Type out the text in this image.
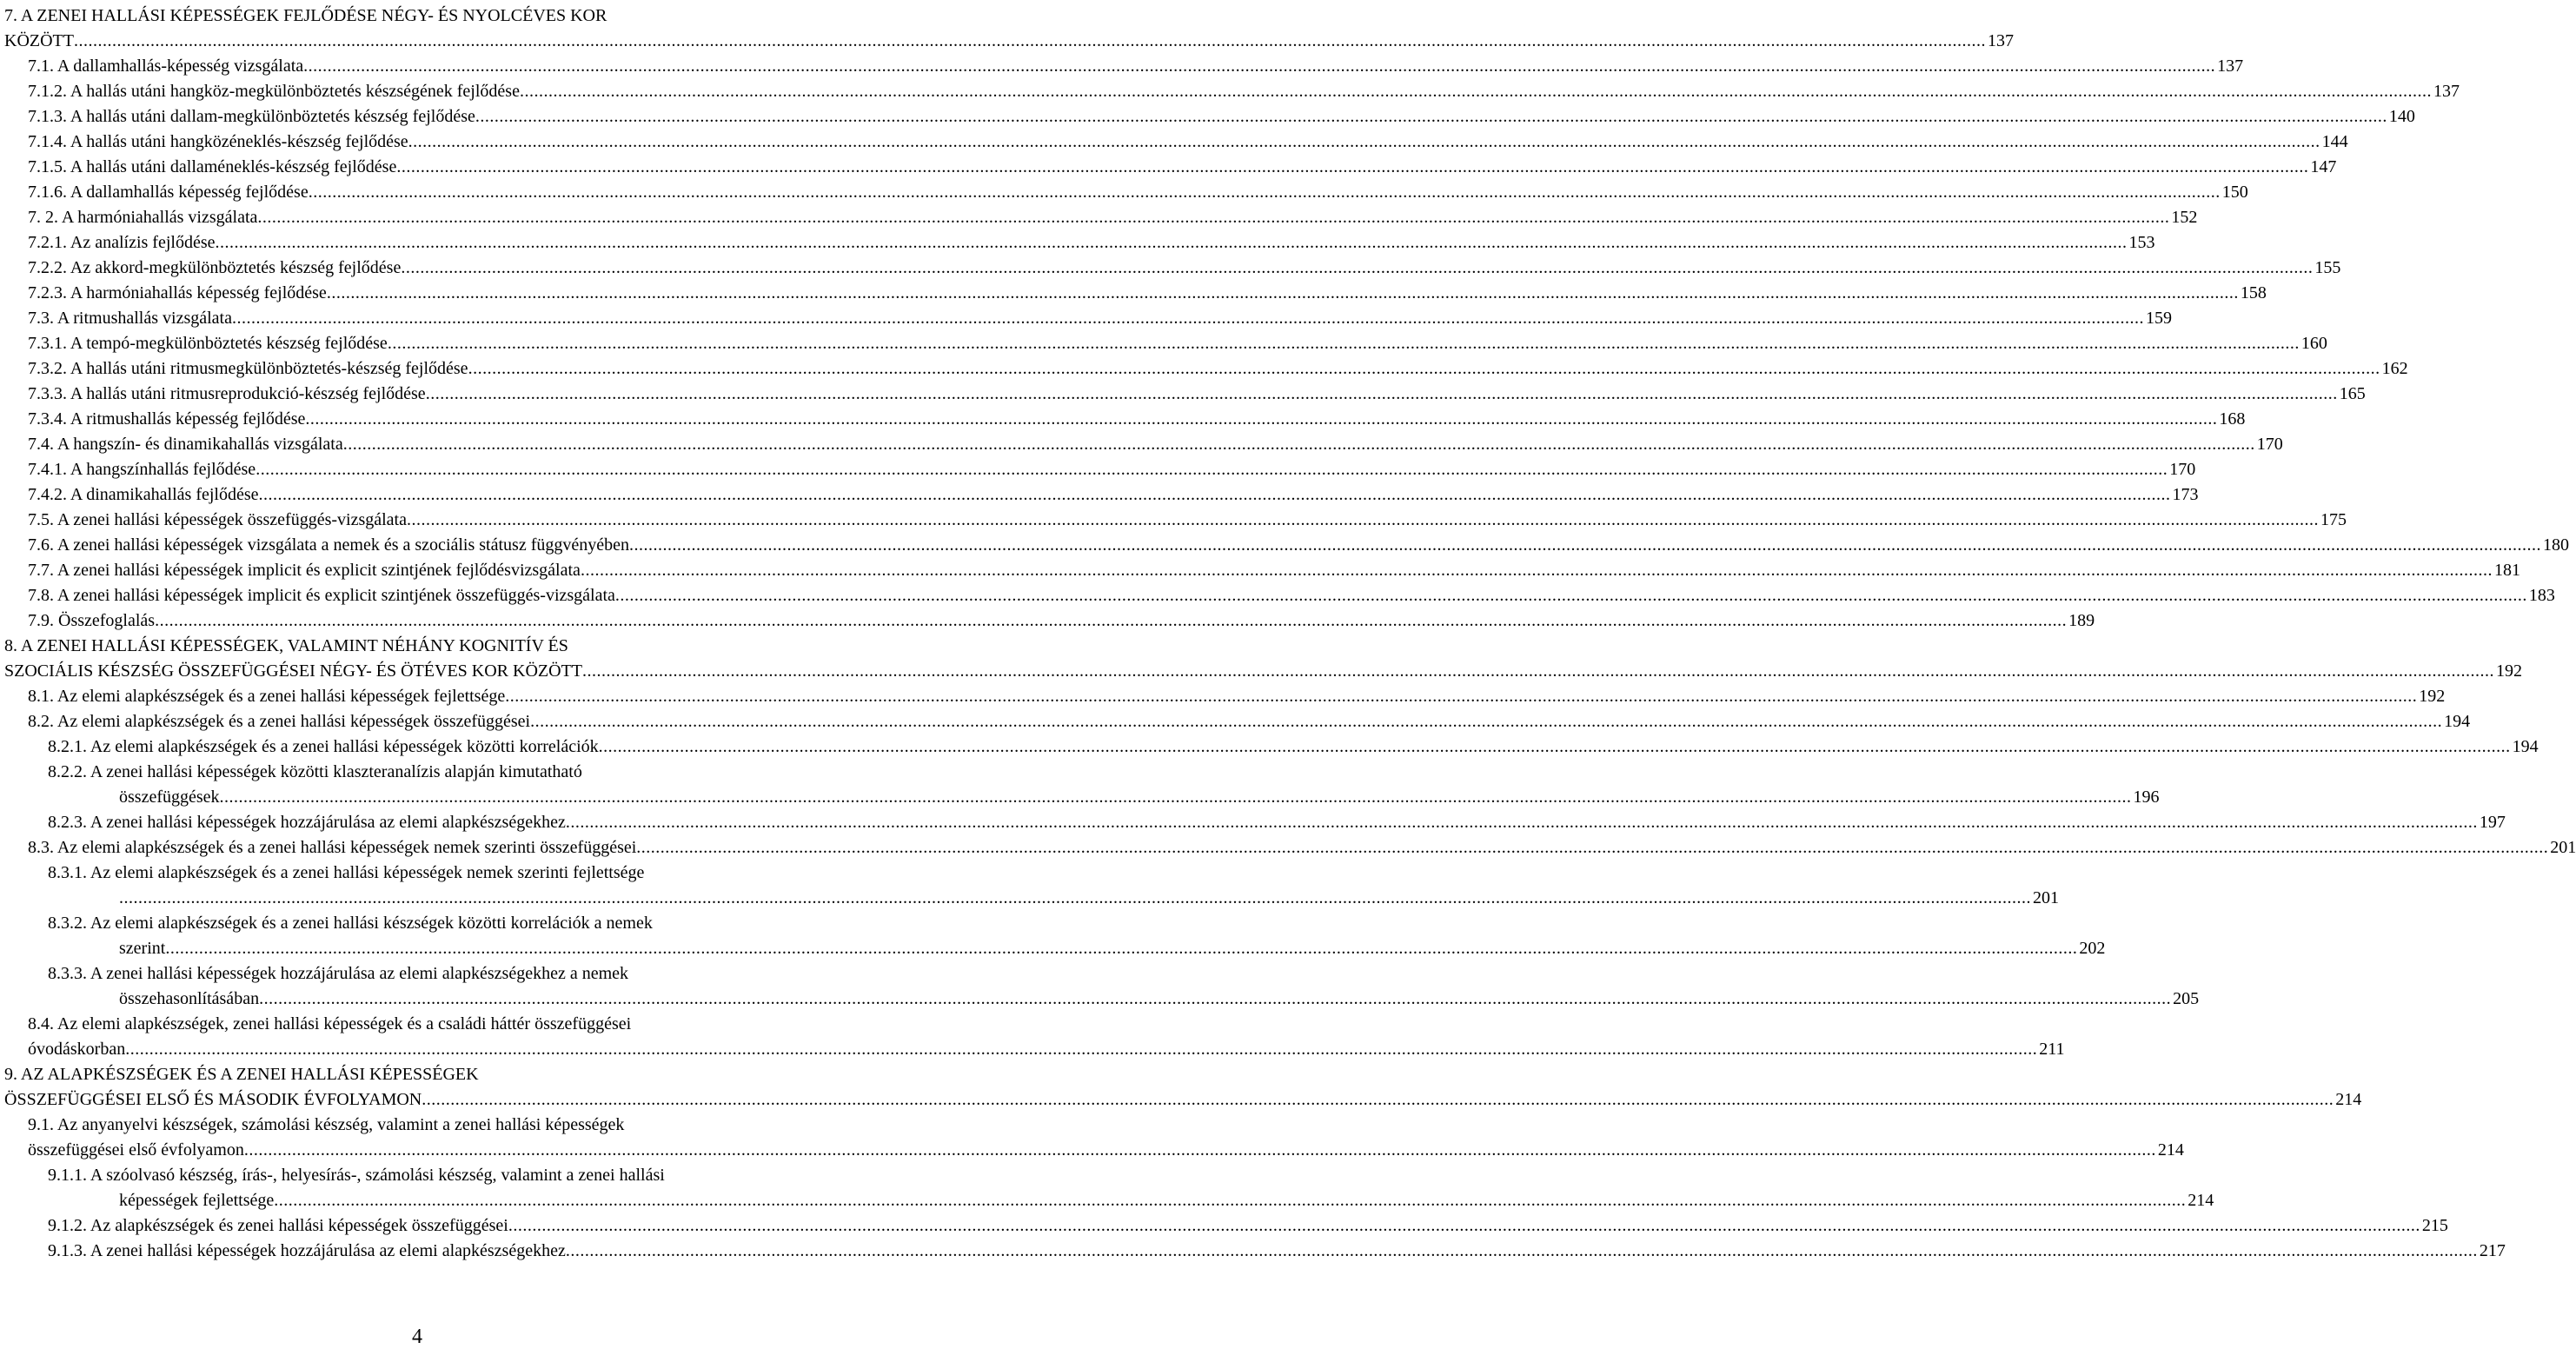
7. A ZENEI HALLÁSI KÉPESSÉGEK FEJLŐDÉSE NÉGY- ÉS NYOLCÉVES KOR
KÖZÖTT ................................................................................................................................................................................................................................................................................................................................................................................................................ 137
7.1. A dallamhallás-képesség vizsgálata ................................................................................................................................................................................................................................................................................................................................................................................................................ 137
7.1.2. A hallás utáni hangköz-megkülönböztetés készségének fejlődése ................................................................................................................................................................................................................................................................................................................................................................................................................ 137
7.1.3. A hallás utáni dallam-megkülönböztetés készség fejlődése ................................................................................................................................................................................................................................................................................................................................................................................................................ 140
7.1.4. A hallás utáni hangközéneklés-készség fejlődése ................................................................................................................................................................................................................................................................................................................................................................................................................ 144
7.1.5. A hallás utáni dallaméneklés-készség fejlődése ................................................................................................................................................................................................................................................................................................................................................................................................................ 147
7.1.6. A dallamhallás képesség fejlődése ................................................................................................................................................................................................................................................................................................................................................................................................................ 150
7. 2. A harmóniahallás vizsgálata ................................................................................................................................................................................................................................................................................................................................................................................................................ 152
7.2.1. Az analízis fejlődése ................................................................................................................................................................................................................................................................................................................................................................................................................ 153
7.2.2. Az akkord-megkülönböztetés készség fejlődése ................................................................................................................................................................................................................................................................................................................................................................................................................ 155
7.2.3. A harmóniahallás képesség fejlődése ................................................................................................................................................................................................................................................................................................................................................................................................................ 158
7.3. A ritmushallás vizsgálata ................................................................................................................................................................................................................................................................................................................................................................................................................ 159
7.3.1. A tempó-megkülönböztetés készség fejlődése ................................................................................................................................................................................................................................................................................................................................................................................................................ 160
7.3.2. A hallás utáni ritmusmegkülönböztetés-készség fejlődése ................................................................................................................................................................................................................................................................................................................................................................................................................ 162
7.3.3. A hallás utáni ritmusreprodukció-készség fejlődése ................................................................................................................................................................................................................................................................................................................................................................................................................ 165
7.3.4. A ritmushallás képesség fejlődése ................................................................................................................................................................................................................................................................................................................................................................................................................ 168
7.4. A hangszín- és dinamikahallás vizsgálata ................................................................................................................................................................................................................................................................................................................................................................................................................ 170
7.4.1. A hangszínhallás fejlődése ................................................................................................................................................................................................................................................................................................................................................................................................................ 170
7.4.2. A dinamikahallás fejlődése ................................................................................................................................................................................................................................................................................................................................................................................................................ 173
7.5. A zenei hallási képességek összefüggés-vizsgálata ................................................................................................................................................................................................................................................................................................................................................................................................................ 175
7.6. A zenei hallási képességek vizsgálata a nemek és a szociális státusz függvényében ................................................................................................................................................................................................................................................................................................................................................................................................................ 180
7.7. A zenei hallási képességek implicit és explicit szintjének fejlődésvizsgálata ................................................................................................................................................................................................................................................................................................................................................................................................................ 181
7.8. A zenei hallási képességek implicit és explicit szintjének összefüggés-vizsgálata ................................................................................................................................................................................................................................................................................................................................................................................................................ 183
7.9. Összefoglalás ................................................................................................................................................................................................................................................................................................................................................................................................................ 189
8. A ZENEI HALLÁSI KÉPESSÉGEK, VALAMINT NÉHÁNY KOGNITÍV ÉS
SZOCIÁLIS KÉSZSÉG ÖSSZEFÜGGÉSEI NÉGY- ÉS ÖTÉVES KOR KÖZÖTT ................................................................................................................................................................................................................................................................................................................................................................................................................ 192
8.1. Az elemi alapkészségek és a zenei hallási képességek fejlettsége ................................................................................................................................................................................................................................................................................................................................................................................................................ 192
8.2. Az elemi alapkészségek és a zenei hallási képességek összefüggései ................................................................................................................................................................................................................................................................................................................................................................................................................ 194
8.2.1. Az elemi alapkészségek és a zenei hallási képességek közötti korrelációk ................................................................................................................................................................................................................................................................................................................................................................................................................ 194
8.2.2. A zenei hallási képességek közötti klaszteranalízis alapján kimutatható
összefüggések ................................................................................................................................................................................................................................................................................................................................................................................................................ 196
8.2.3. A zenei hallási képességek hozzájárulása az elemi alapkészségekhez ................................................................................................................................................................................................................................................................................................................................................................................................................ 197
8.3. Az elemi alapkészségek és a zenei hallási képességek nemek szerinti összefüggései ................................................................................................................................................................................................................................................................................................................................................................................................................ 201
8.3.1. Az elemi alapkészségek és a zenei hallási képességek nemek szerinti fejlettsége
................................................................................................................................................................................................................................................................................................................................................................................................................ 201
8.3.2. Az elemi alapkészségek és a zenei hallási készségek közötti korrelációk a nemek
szerint ................................................................................................................................................................................................................................................................................................................................................................................................................ 202
8.3.3. A zenei hallási képességek hozzájárulása az elemi alapkészségekhez a nemek
összehasonlításában ................................................................................................................................................................................................................................................................................................................................................................................................................ 205
8.4. Az elemi alapkészségek, zenei hallási képességek és a családi háttér összefüggései
óvodáskorban ................................................................................................................................................................................................................................................................................................................................................................................................................ 211
9. AZ ALAPKÉSZSÉGEK ÉS A ZENEI HALLÁSI KÉPESSÉGEK
ÖSSZEFÜGGÉSEI ELSŐ ÉS MÁSODIK ÉVFOLYAMON ................................................................................................................................................................................................................................................................................................................................................................................................................ 214
9.1. Az anyanyelvi készségek, számolási készség, valamint a zenei hallási képességek
összefüggései első évfolyamon ................................................................................................................................................................................................................................................................................................................................................................................................................ 214
9.1.1. A szóolvasó készség, írás-, helyesírás-, számolási készség, valamint a zenei hallási
képességek fejlettsége ................................................................................................................................................................................................................................................................................................................................................................................................................ 214
9.1.2. Az alapkészségek és zenei hallási képességek összefüggései ................................................................................................................................................................................................................................................................................................................................................................................................................ 215
9.1.3. A zenei hallási képességek hozzájárulása az elemi alapkészségekhez ................................................................................................................................................................................................................................................................................................................................................................................................................ 217
4
